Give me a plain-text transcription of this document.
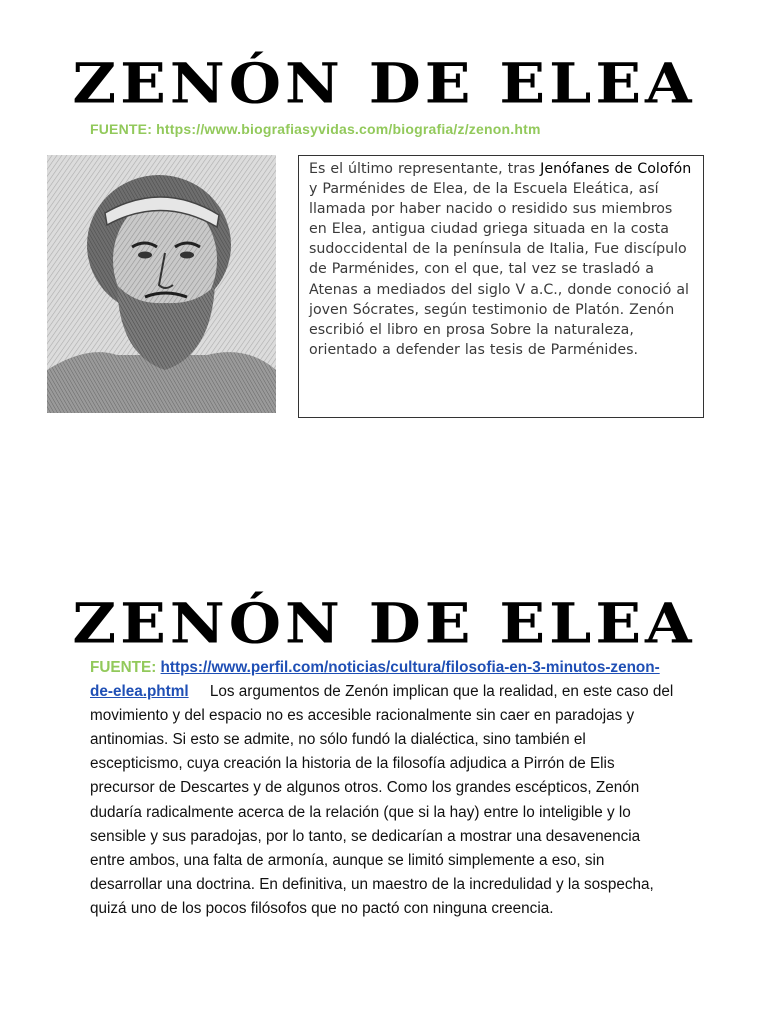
ZENÓN DE ELEA
FUENTE: https://www.biografiasyvidas.com/biografia/z/zenon.htm
Es el último representante, tras Jenófanes de Colofón y Parménides de Elea, de la Escuela Eleática, así llamada por haber nacido o residido sus miembros en Elea, antigua ciudad griega situada en la costa sudoccidental de la península de Italia, Fue discípulo de Parménides, con el que, tal vez se trasladó a Atenas a mediados del siglo V a.C., donde conoció al joven Sócrates, según testimonio de Platón. Zenón escribió el libro en prosa Sobre la naturaleza, orientado a defender las tesis de Parménides.
ZENÓN DE ELEA
FUENTE: https://www.perfil.com/noticias/cultura/filosofia-en-3-minutos-zenon-de-elea.phtml Los argumentos de Zenón implican que la realidad, en este caso del movimiento y del espacio no es accesible racionalmente sin caer en paradojas y antinomias. Si esto se admite, no sólo fundó la dialéctica, sino también el escepticismo, cuya creación la historia de la filosofía adjudica a Pirrón de Elis precursor de Descartes y de algunos otros. Como los grandes escépticos, Zenón dudaría radicalmente acerca de la relación (que si la hay) entre lo inteligible y lo sensible y sus paradojas, por lo tanto, se dedicarían a mostrar una desavenencia entre ambos, una falta de armonía, aunque se limitó simplemente a eso, sin desarrollar una doctrina. En definitiva, un maestro de la incredulidad y la sospecha, quizá uno de los pocos filósofos que no pactó con ninguna creencia.
